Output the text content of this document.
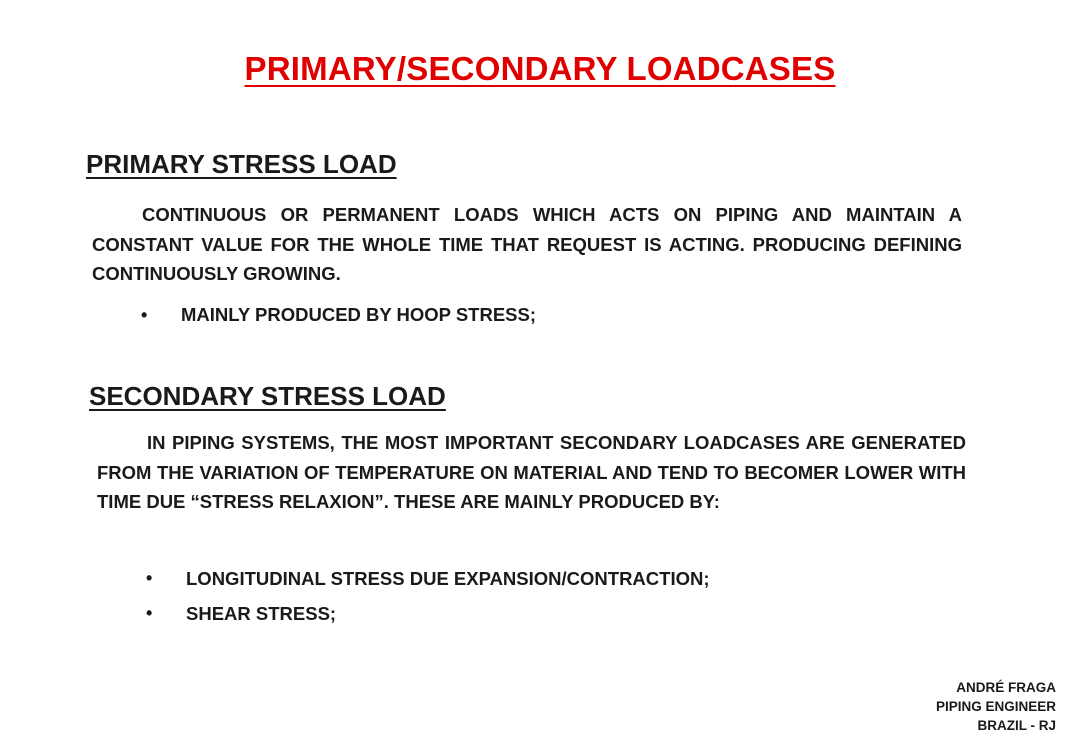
PRIMARY/SECONDARY LOADCASES
PRIMARY STRESS LOAD
CONTINUOUS OR PERMANENT LOADS WHICH ACTS ON PIPING AND MAINTAIN A CONSTANT VALUE FOR THE WHOLE TIME THAT REQUEST IS ACTING. PRODUCING DEFINING CONTINUOUSLY GROWING.
• MAINLY PRODUCED BY HOOP STRESS;
SECONDARY STRESS LOAD
IN PIPING SYSTEMS, THE MOST IMPORTANT SECONDARY LOADCASES ARE GENERATED FROM THE VARIATION OF TEMPERATURE ON MATERIAL AND TEND TO BECOMER LOWER WITH TIME DUE “STRESS RELAXION”. THESE ARE MAINLY PRODUCED BY:
• LONGITUDINAL STRESS DUE EXPANSION/CONTRACTION;
• SHEAR STRESS;
ANDRÉ FRAGA
PIPING ENGINEER
BRAZIL - RJ
